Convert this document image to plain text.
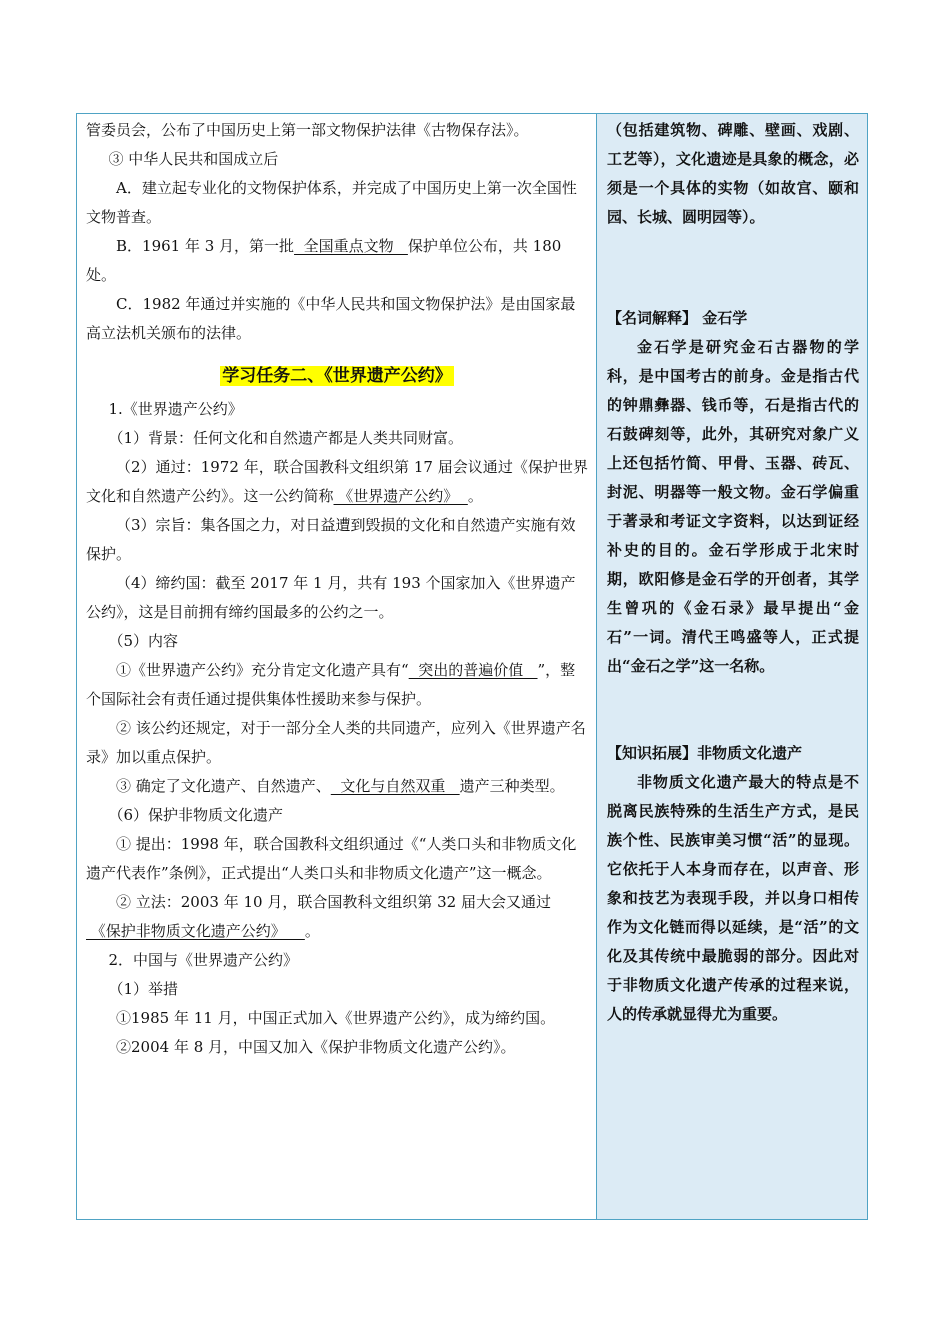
管委员会，公布了中国历史上第一部文物保护法律《古物保存法》。

③ 中华人民共和国成立后

A．建立起专业化的文物保护体系，并完成了中国历史上第一次全国性文物普查。

B．1961 年 3 月，第一批  全国重点文物   保护单位公布，共 180 处。

C．1982 年通过并实施的《中华人民共和国文物保护法》是由国家最高立法机关颁布的法律。

学习任务二、《世界遗产公约》

1.《世界遗产公约》

（1）背景：任何文化和自然遗产都是人类共同财富。

（2）通过：1972 年，联合国教科文组织第 17 届会议通过《保护世界文化和自然遗产公约》。这一公约简称 《世界遗产公约》  。

（3）宗旨：集各国之力，对日益遭到毁损的文化和自然遗产实施有效保护。

（4）缔约国：截至 2017 年 1 月，共有 193 个国家加入《世界遗产公约》，这是目前拥有缔约国最多的公约之一。

（5）内容

①《世界遗产公约》充分肯定文化遗产具有“  突出的普遍价值   ”，整个国际社会有责任通过提供集体性援助来参与保护。

② 该公约还规定，对于一部分全人类的共同遗产，应列入《世界遗产名录》加以重点保护。

③ 确定了文化遗产、自然遗产、  文化与自然双重   遗产三种类型。

（6）保护非物质文化遗产

① 提出：1998 年，联合国教科文组织通过《“人类口头和非物质文化遗产代表作”条例》，正式提出“人类口头和非物质文化遗产”这一概念。

② 立法：2003 年 10 月，联合国教科文组织第 32 届大会又通过 《保护非物质文化遗产公约》    。

2．中国与《世界遗产公约》

（1）举措

①1985 年 11 月，中国正式加入《世界遗产公约》，成为缔约国。

②2004 年 8 月，中国又加入《保护非物质文化遗产公约》。

（包括建筑物、碑雕、壁画、戏剧、工艺等），文化遗迹是具象的概念，必须是一个具体的实物（如故宫、颐和园、长城、圆明园等）。

【名词解释】 金石学

金石学是研究金石古器物的学科，是中国考古的前身。金是指古代的钟鼎彝器、钱币等，石是指古代的石鼓碑刻等，此外，其研究对象广义上还包括竹简、甲骨、玉器、砖瓦、封泥、明器等一般文物。金石学偏重于著录和考证文字资料，以达到证经补史的目的。金石学形成于北宋时期，欧阳修是金石学的开创者，其学生曾巩的《金石录》最早提出“金石”一词。清代王鸣盛等人，正式提出“金石之学”这一名称。

【知识拓展】非物质文化遗产

非物质文化遗产最大的特点是不脱离民族特殊的生活生产方式，是民族个性、民族审美习惯“活”的显现。它依托于人本身而存在，以声音、形象和技艺为表现手段，并以身口相传作为文化链而得以延续，是“活”的文化及其传统中最脆弱的部分。因此对于非物质文化遗产传承的过程来说，人的传承就显得尤为重要。
